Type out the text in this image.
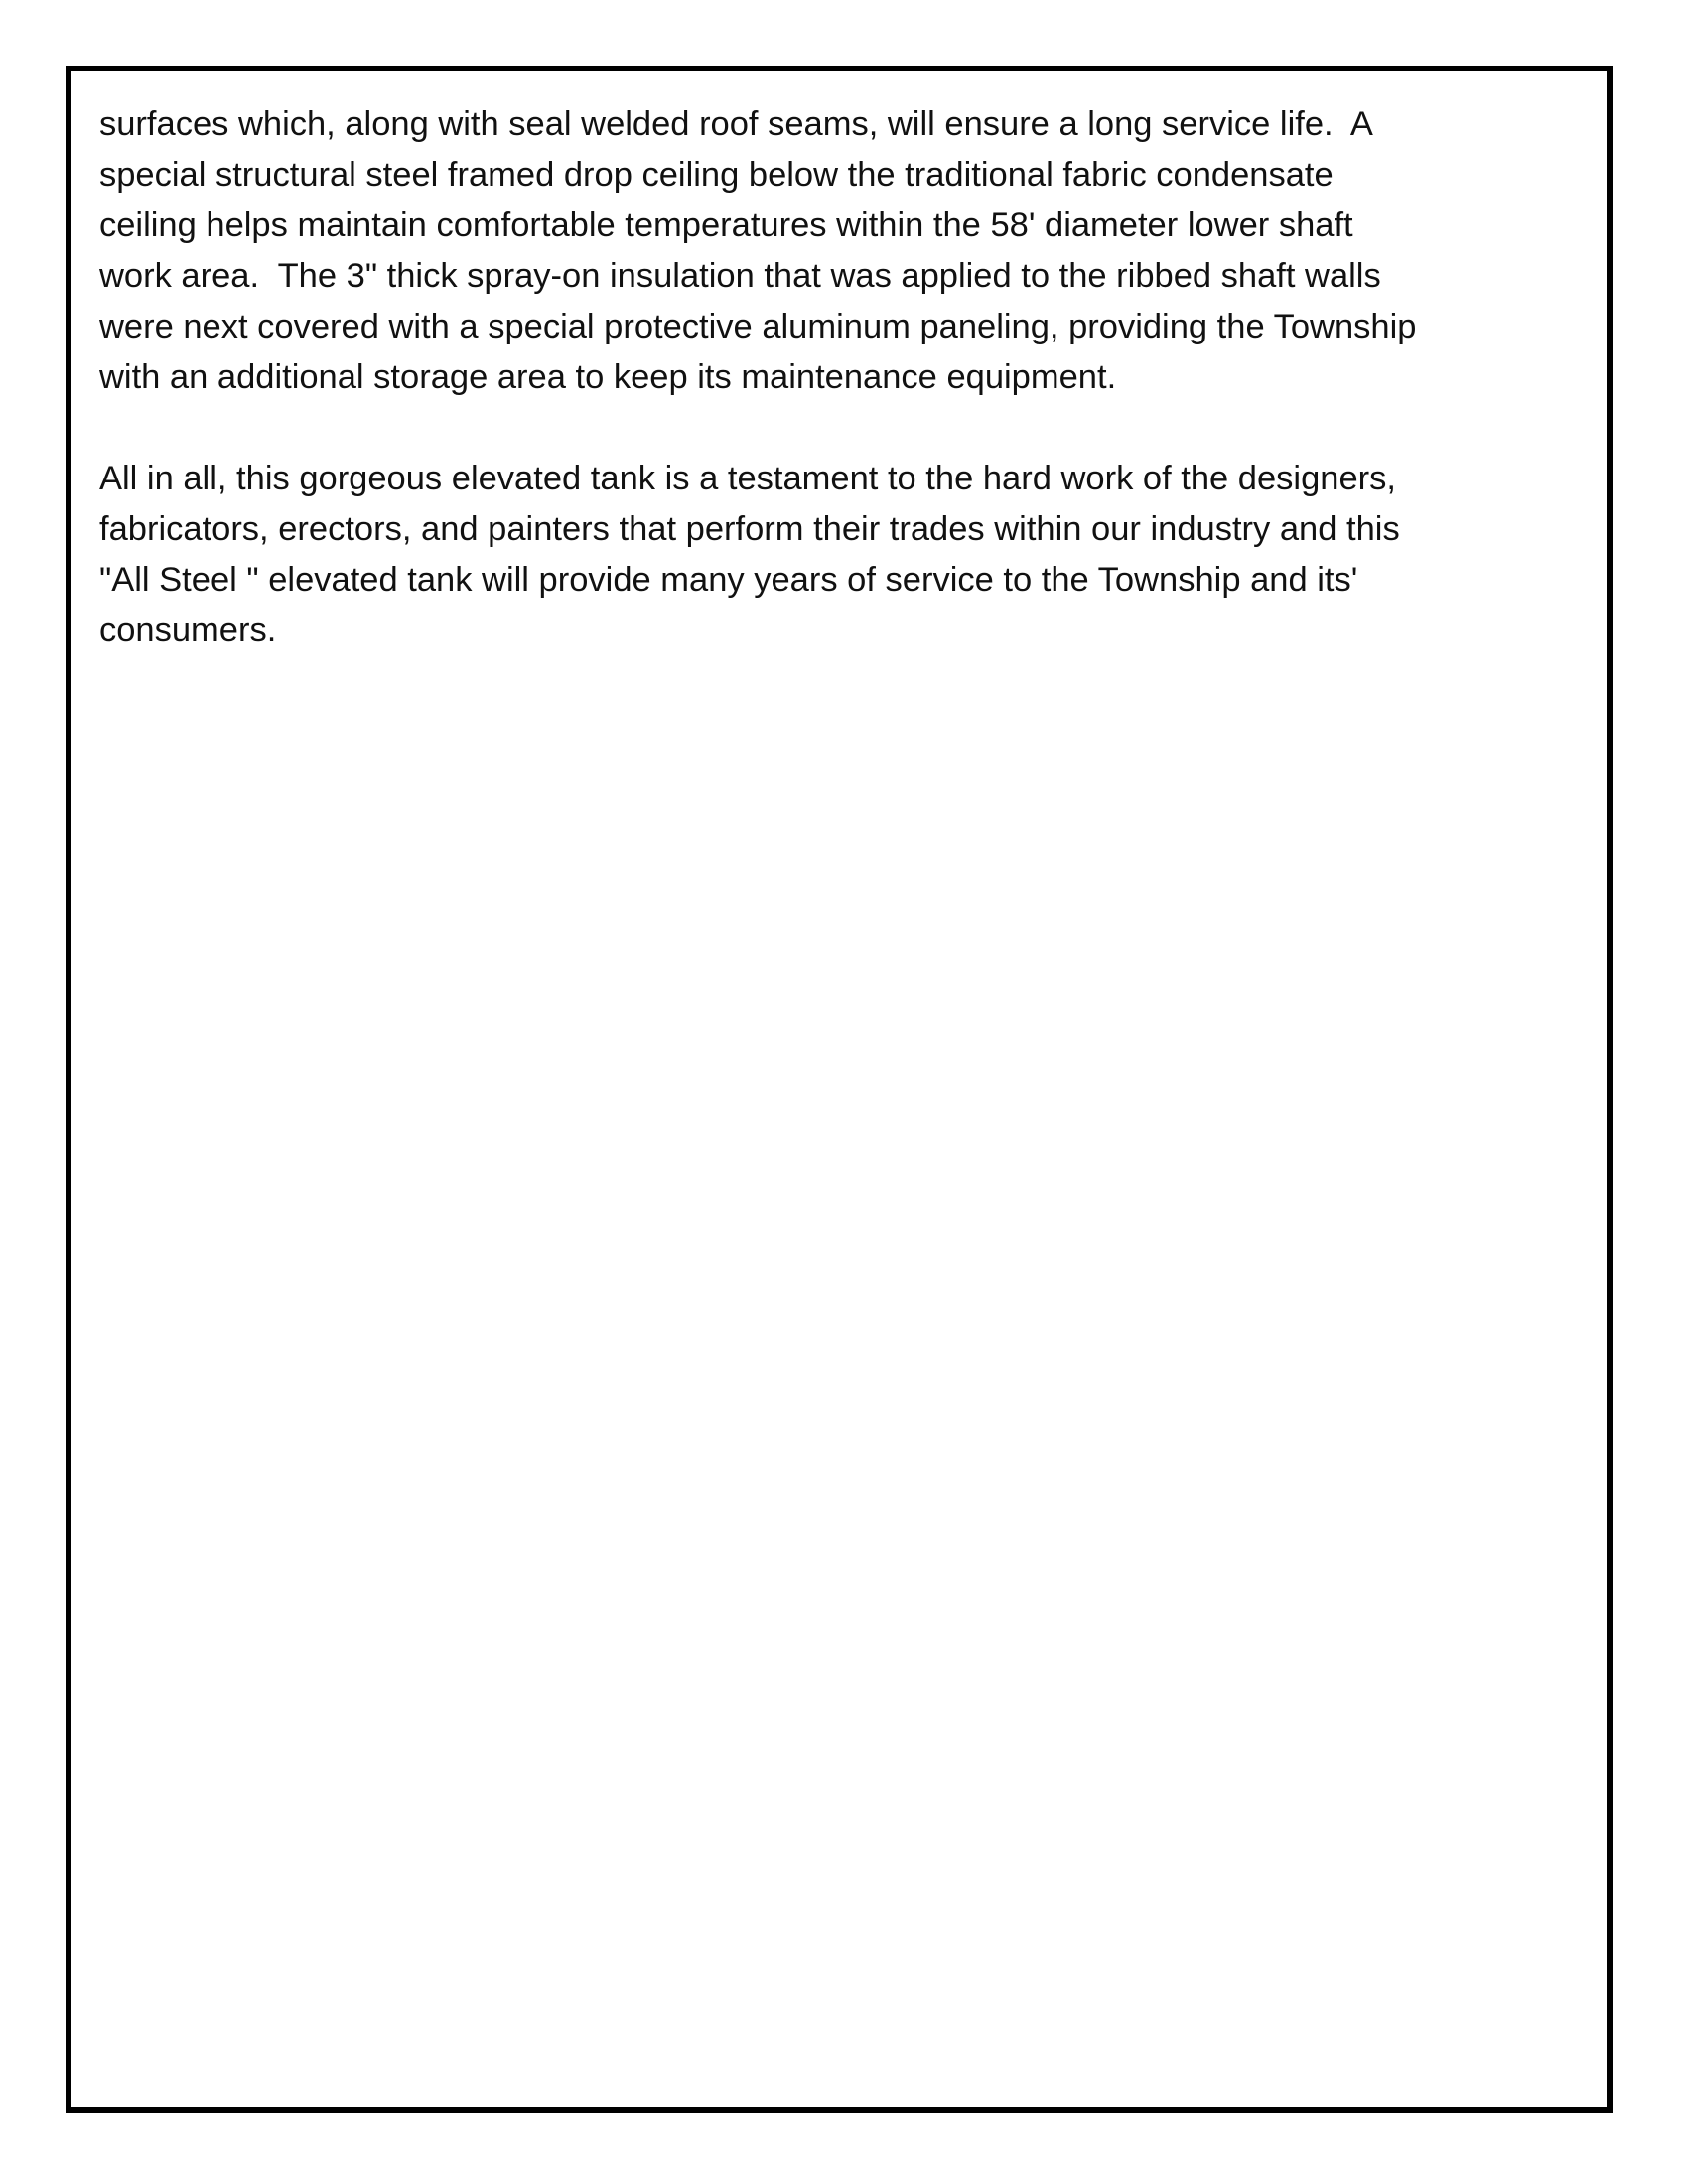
surfaces which, along with seal welded roof seams, will ensure a long service life.  A
special structural steel framed drop ceiling below the traditional fabric condensate
ceiling helps maintain comfortable temperatures within the 58' diameter lower shaft
work area.  The 3" thick spray-on insulation that was applied to the ribbed shaft walls
were next covered with a special protective aluminum paneling, providing the Township
with an additional storage area to keep its maintenance equipment.
All in all, this gorgeous elevated tank is a testament to the hard work of the designers,
fabricators, erectors, and painters that perform their trades within our industry and this
"All Steel " elevated tank will provide many years of service to the Township and its'
consumers.
